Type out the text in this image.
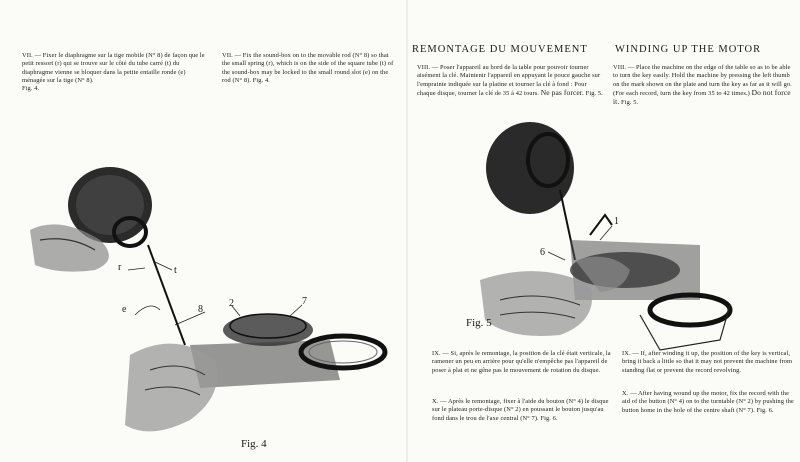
VII. — Fixer le diaphragme sur la tige mobile (N° 8) de façon que le petit ressort (r) qui se trouve sur le côté du tube carré (t) du diaphragme vienne se bloquer dans la petite entaille ronde (e) ménagée sur la tige (N° 8).

Fig. 4.

VII. — Fix the sound-box on to the movable rod (N° 8) so that the small spring (r), which is on the side of the square tube (t) of the sound-box may be locked to the small round slot (e) on the rod (N° 8). Fig. 4.

r	t
e	8
2	7
Fig. 4
REMONTAGE DU MOUVEMENT	WINDING UP THE MOTOR

VIII. — Poser l'appareil au bord de la table pour pouvoir tourner aisément la clé. Maintenir l'appareil en appuyant le pouce gauche sur l'emprainte indiquée sur la platine et tourner la clé à fond : Pour chaque disque, tourner la clé de 35 à 42 tours. Ne pas forcer. Fig. 5.

VIII. — Place the machine on the edge of the table so as to be able to turn the key easily. Hold the machine by pressing the left thumb on the mark shown on the plate and turn the key as far as it will go. (For each record, turn the key from 35 to 42 times.) Do not force it. Fig. 5.

6
1
Fig. 5

IX. — Si, après le remontage, la position de la clé était verticale, la ramener un peu en arrière pour qu'elle n'empêche pas l'appareil de poser à plat et ne gêne pas le mouvement de rotation du disque.

X. — Après le remontage, fixer à l'aide du bouton (N° 4) le disque sur le plateau porte-disque (N° 2) en poussant le bouton jusqu'au fond dans le trou de l'axe central (N° 7). Fig. 6.

IX. — If, after winding it up, the position of the key is vertical, bring it back a little so that it may not prevent the machine from standing flat or prevent the record revolving.

X. — After having wound up the motor, fix the record with the aid of the button (N° 4) on to the turntable (N° 2) by pushing the button home in the hole of the centre shaft (N° 7). Fig. 6.
